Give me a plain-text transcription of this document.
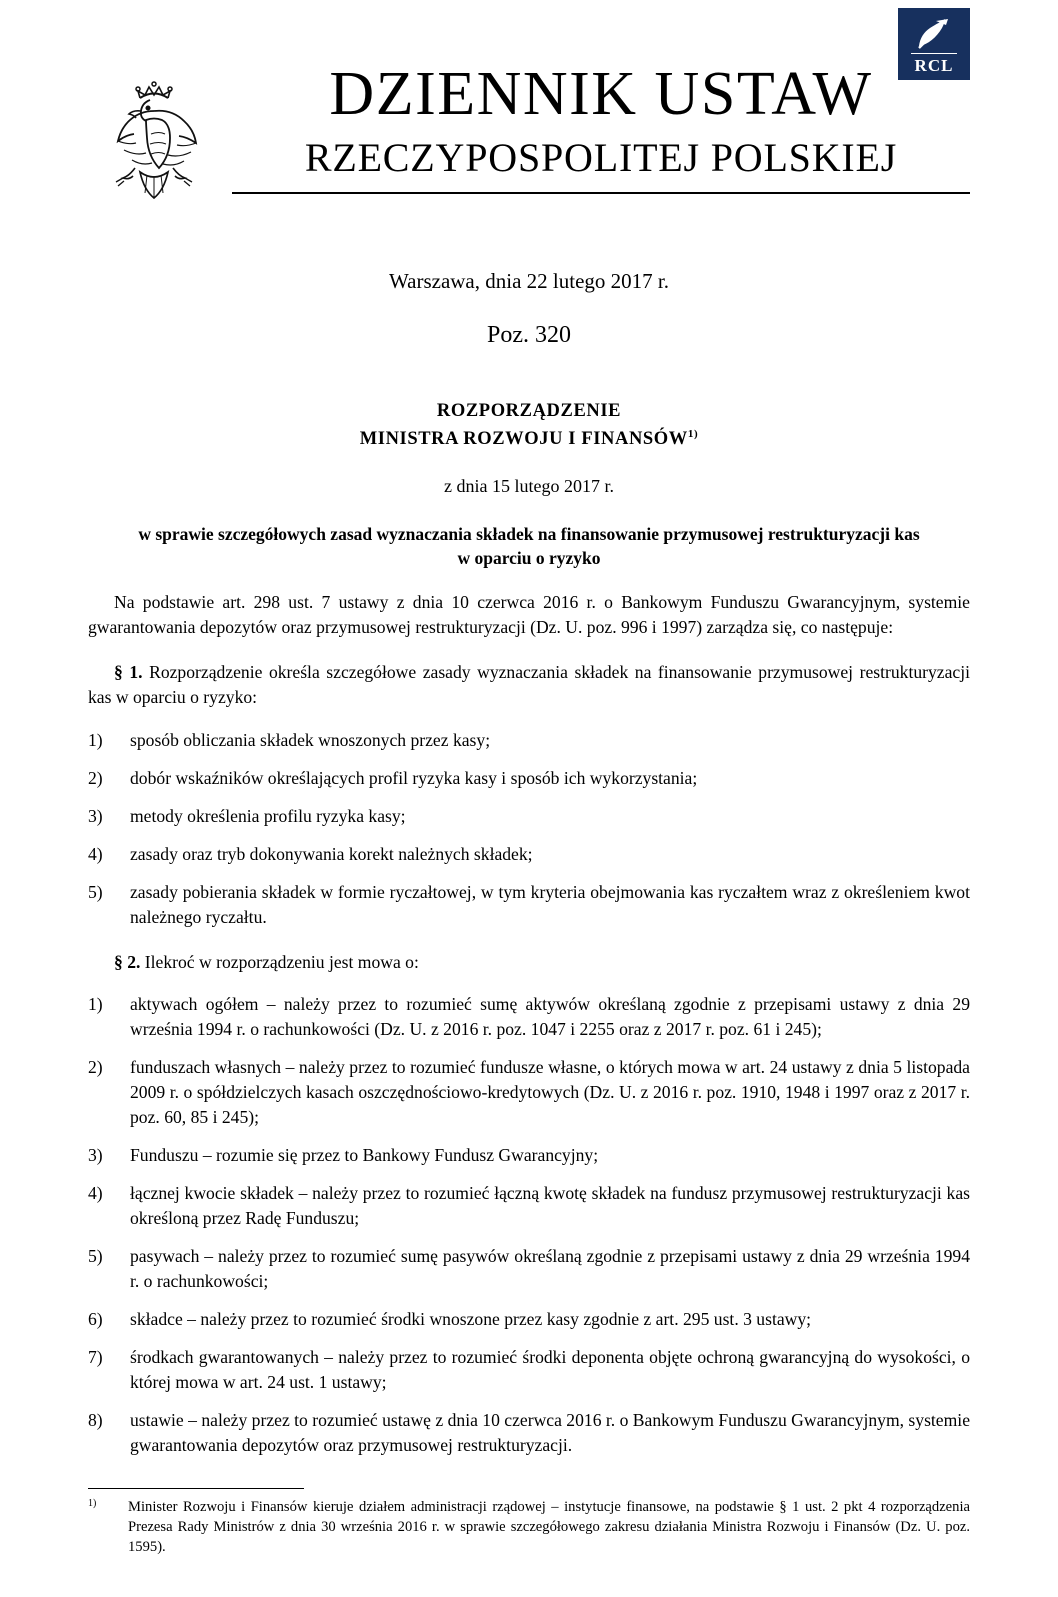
RCL
DZIENNIK USTAW
RZECZYPOSPOLITEJ POLSKIEJ
Warszawa, dnia 22 lutego 2017 r.
Poz. 320
ROZPORZĄDZENIE
MINISTRA ROZWOJU I FINANSÓW$^{1)}$
z dnia 15 lutego 2017 r.
w sprawie szczegółowych zasad wyznaczania składek na finansowanie przymusowej restrukturyzacji kas
w oparciu o ryzyko

Na podstawie art. 298 ust. 7 ustawy z dnia 10 czerwca 2016 r. o Bankowym Funduszu Gwarancyjnym, systemie gwarantowania depozytów oraz przymusowej restrukturyzacji (Dz. U. poz. 996 i 1997) zarządza się, co następuje:

§ 1. Rozporządzenie określa szczegółowe zasady wyznaczania składek na finansowanie przymusowej restrukturyzacji kas w oparciu o ryzyko:

1)	sposób obliczania składek wnoszonych przez kasy;
2)	dobór wskaźników określających profil ryzyka kasy i sposób ich wykorzystania;
3)	metody określenia profilu ryzyka kasy;
4)	zasady oraz tryb dokonywania korekt należnych składek;
5)	zasady pobierania składek w formie ryczałtowej, w tym kryteria obejmowania kas ryczałtem wraz z określeniem kwot należnego ryczałtu.

§ 2. Ilekroć w rozporządzeniu jest mowa o:

1)	aktywach ogółem – należy przez to rozumieć sumę aktywów określaną zgodnie z przepisami ustawy z dnia 29 września 1994 r. o rachunkowości (Dz. U. z 2016 r. poz. 1047 i 2255 oraz z 2017 r. poz. 61 i 245);
2)	funduszach własnych – należy przez to rozumieć fundusze własne, o których mowa w art. 24 ustawy z dnia 5 listopada 2009 r. o spółdzielczych kasach oszczędnościowo-kredytowych (Dz. U. z 2016 r. poz. 1910, 1948 i 1997 oraz z 2017 r. poz. 60, 85 i 245);
3)	Funduszu – rozumie się przez to Bankowy Fundusz Gwarancyjny;
4)	łącznej kwocie składek – należy przez to rozumieć łączną kwotę składek na fundusz przymusowej restrukturyzacji kas określoną przez Radę Funduszu;
5)	pasywach – należy przez to rozumieć sumę pasywów określaną zgodnie z przepisami ustawy z dnia 29 września 1994 r. o rachunkowości;
6)	składce – należy przez to rozumieć środki wnoszone przez kasy zgodnie z art. 295 ust. 3 ustawy;
7)	środkach gwarantowanych – należy przez to rozumieć środki deponenta objęte ochroną gwarancyjną do wysokości, o której mowa w art. 24 ust. 1 ustawy;
8)	ustawie – należy przez to rozumieć ustawę z dnia 10 czerwca 2016 r. o Bankowym Funduszu Gwarancyjnym, systemie gwarantowania depozytów oraz przymusowej restrukturyzacji.
$^{1)}$	Minister Rozwoju i Finansów kieruje działem administracji rządowej – instytucje finansowe, na podstawie § 1 ust. 2 pkt 4 rozporządzenia Prezesa Rady Ministrów z dnia 30 września 2016 r. w sprawie szczegółowego zakresu działania Ministra Rozwoju i Finansów (Dz. U. poz. 1595).
